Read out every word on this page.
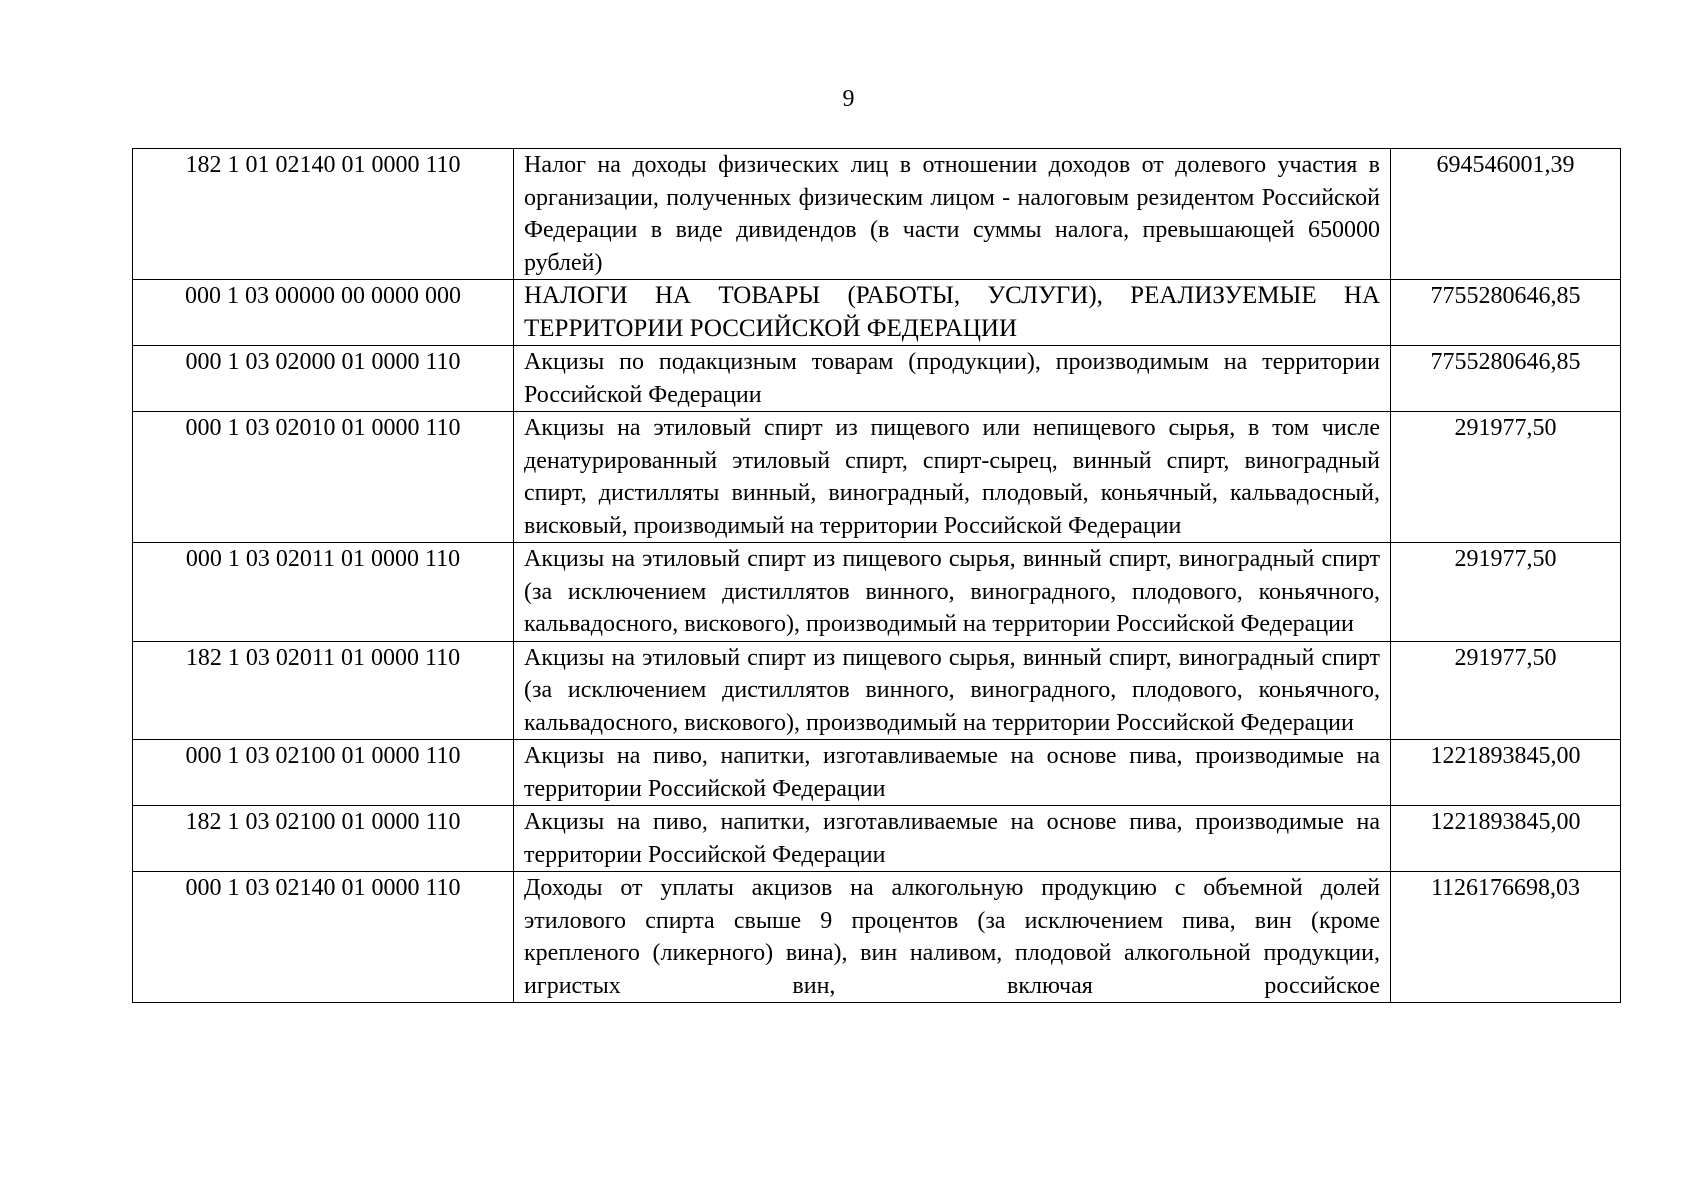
9
182 1 01 02140 01 0000 110	Налог на доходы физических лиц в отношении доходов от долевого участия в организации, полученных физическим лицом - налоговым резидентом Российской Федерации в виде дивидендов (в части суммы налога, превышающей 650000 рублей)	694546001,39
000 1 03 00000 00 0000 000	НАЛОГИ НА ТОВАРЫ (РАБОТЫ, УСЛУГИ), РЕАЛИЗУЕМЫЕ НА ТЕРРИТОРИИ РОССИЙСКОЙ ФЕДЕРАЦИИ	7755280646,85
000 1 03 02000 01 0000 110	Акцизы по подакцизным товарам (продукции), производимым на территории Российской Федерации	7755280646,85
000 1 03 02010 01 0000 110	Акцизы на этиловый спирт из пищевого или непищевого сырья, в том числе денатурированный этиловый спирт, спирт-сырец, винный спирт, виноградный спирт, дистилляты винный, виноградный, плодовый, коньячный, кальвадосный, висковый, производимый на территории Российской Федерации	291977,50
000 1 03 02011 01 0000 110	Акцизы на этиловый спирт из пищевого сырья, винный спирт, виноградный спирт (за исключением дистиллятов винного, виноградного, плодового, коньячного, кальвадосного, вискового), производимый на территории Российской Федерации	291977,50
182 1 03 02011 01 0000 110	Акцизы на этиловый спирт из пищевого сырья, винный спирт, виноградный спирт (за исключением дистиллятов винного, виноградного, плодового, коньячного, кальвадосного, вискового), производимый на территории Российской Федерации	291977,50
000 1 03 02100 01 0000 110	Акцизы на пиво, напитки, изготавливаемые на основе пива, производимые на территории Российской Федерации	1221893845,00
182 1 03 02100 01 0000 110	Акцизы на пиво, напитки, изготавливаемые на основе пива, производимые на территории Российской Федерации	1221893845,00
000 1 03 02140 01 0000 110	Доходы от уплаты акцизов на алкогольную продукцию с объемной долей этилового спирта свыше 9 процентов (за исключением пива, вин (кроме крепленого (ликерного) вина), вин наливом, плодовой алкогольной продукции, игристых вин, включая российское	1126176698,03
